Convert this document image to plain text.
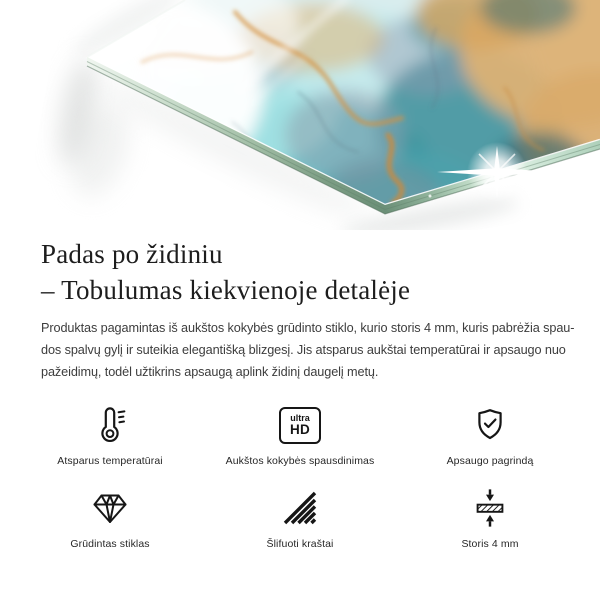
Padas po židiniu
– Tobulumas kiekvienoje detalėje

Produktas pagamintas iš aukštos kokybės grūdinto stiklo, kurio storis 4 mm, kuris pabrėžia spau-
dos spalvų gylį ir suteikia elegantišką blizgesį. Jis atsparus aukštai temperatūrai ir apsaugo nuo
pažeidimų, todėl užtikrins apsaugą aplink židinį daugelį metų.

Atsparus temperatūrai
ultra
HD
Aukštos kokybės spausdinimas	Apsaugo pagrindą
Grūdintas stiklas	Šlifuoti kraštai	Storis 4 mm
